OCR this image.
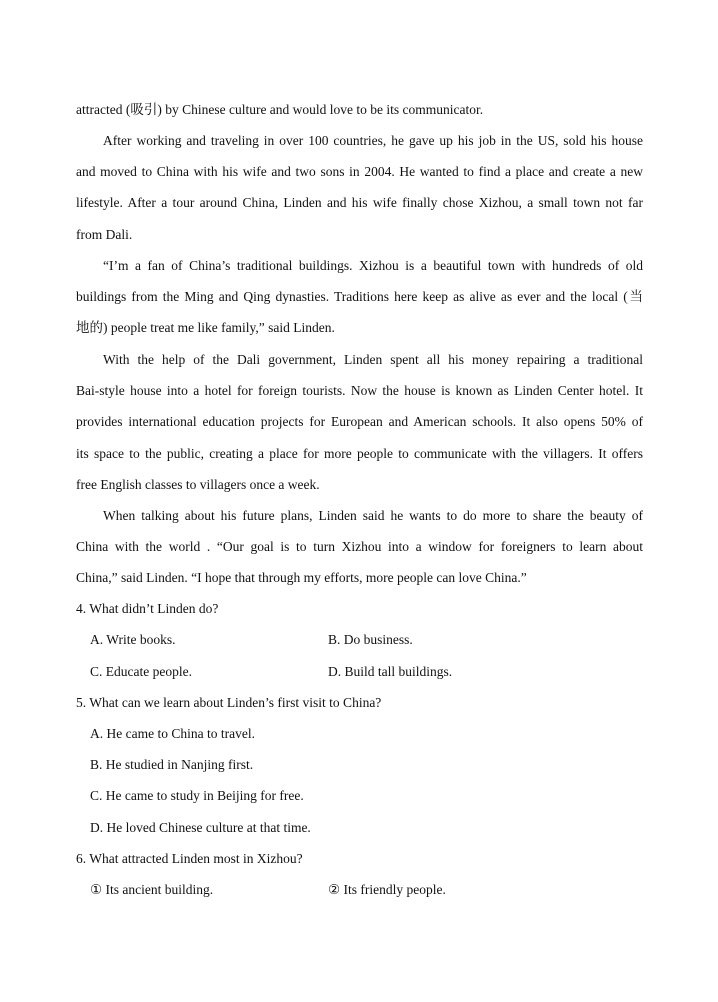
attracted (吸引) by Chinese culture and would love to be its communicator.
After working and traveling in over 100 countries, he gave up his job in the US, sold his house
and moved to China with his wife and two sons in 2004. He wanted to find a place and create a new
lifestyle. After a tour around China, Linden and his wife finally chose Xizhou, a small town not far
from Dali.
“I’m a fan of China’s traditional buildings. Xizhou is a beautiful town with hundreds of old
buildings from the Ming and Qing dynasties. Traditions here keep as alive as ever and the local (当
地的) people treat me like family,” said Linden.
With the help of the Dali government, Linden spent all his money repairing a traditional
Bai-style house into a hotel for foreign tourists. Now the house is known as Linden Center hotel. It
provides international education projects for European and American schools. It also opens 50% of
its space to the public, creating a place for more people to communicate with the villagers. It offers
free English classes to villagers once a week.
When talking about his future plans, Linden said he wants to do more to share the beauty of
China with the world . “Our goal is to turn Xizhou into a window for foreigners to learn about
China,” said Linden. “I hope that through my efforts, more people can love China.”
4. What didn’t Linden do?
A. Write books.	B. Do business.
C. Educate people.	D. Build tall buildings.
5. What can we learn about Linden’s first visit to China?
A. He came to China to travel.
B. He studied in Nanjing first.
C. He came to study in Beijing for free.
D. He loved Chinese culture at that time.
6. What attracted Linden most in Xizhou?
① Its ancient building.	② Its friendly people.
